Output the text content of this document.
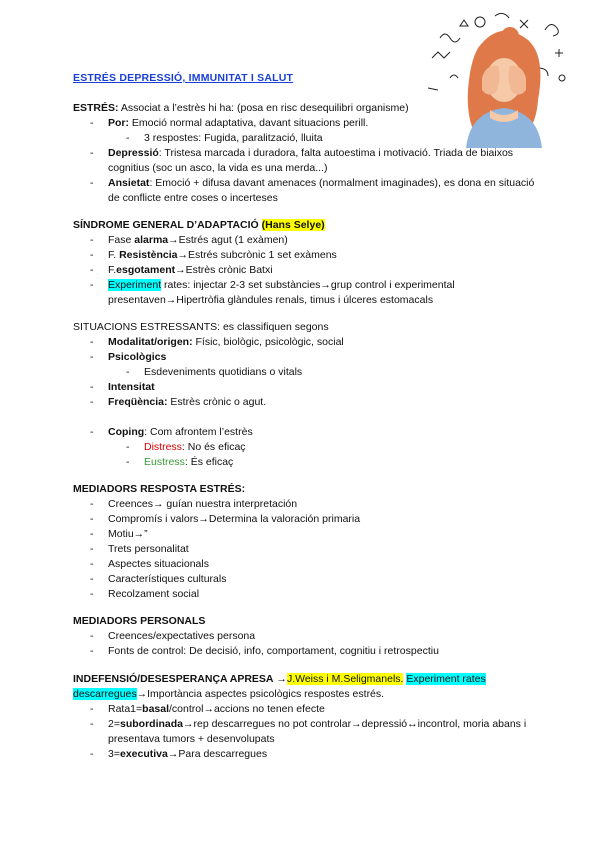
ESTRÉS DEPRESSIÓ, IMMUNITAT I SALUT

ESTRÉS: Associat a l’estrès hi ha: (posa en risc desequilibri organisme)

- Por: Emoció normal adaptativa, davant situacions perill.
- 3 respostes: Fugida, paralització, lluita
- Depressió: Tristesa marcada i duradora, falta autoestima i motivació. Triada de biaixos cognitius (soc un asco, la vida es una merda...)
- Ansietat: Emoció + difusa davant amenaces (normalment imaginades), es dona en situació de conflicte entre coses o incerteses

SÍNDROME GENERAL D’ADAPTACIÓ (Hans Selye)

- Fase alarma→Estrés agut (1 exàmen)
- F. Resistència→Estrés subcrònic 1 set exàmens
- F.esgotament→Estrès crònic Batxi
- Experiment rates: injectar 2-3 set substàncies→grup control i experimental presentaven→Hipertròfia glàndules renals, timus i úlceres estomacals

SITUACIONS ESTRESSANTS: es classifiquen segons

- Modalitat/origen: Físic, biològic, psicològic, social
- Psicològics
- Esdeveniments quotidians o vitals
- Intensitat
- Freqüència: Estrès crònic o agut.
- Coping: Com afrontem l’estrès
- Distress: No és eficaç
- Eustress: És eficaç

MEDIADORS RESPOSTA ESTRÉS:

- Creences→ guían nuestra interpretación
- Compromís i valors→Determina la valoración primaria
- Motiu→”
- Trets personalitat
- Aspectes situacionals
- Característiques culturals
- Recolzament social

MEDIADORS PERSONALS

- Creences/expectatives persona
- Fonts de control: De decisió, info, comportament, cognitiu i retrospectiu

INDEFENSIÓ/DESESPERANÇA APRESA →J.Weiss i M.Seligmanels. Experiment rates descarregues→Importància aspectes psicològics respostes estrés.

- Rata1=basal/control→accions no tenen efecte
- 2=subordinada→rep descarregues no pot controlar→depressió↔incontrol, moria abans i presentava tumors + desenvolupats
- 3=executiva→Para descarregues
